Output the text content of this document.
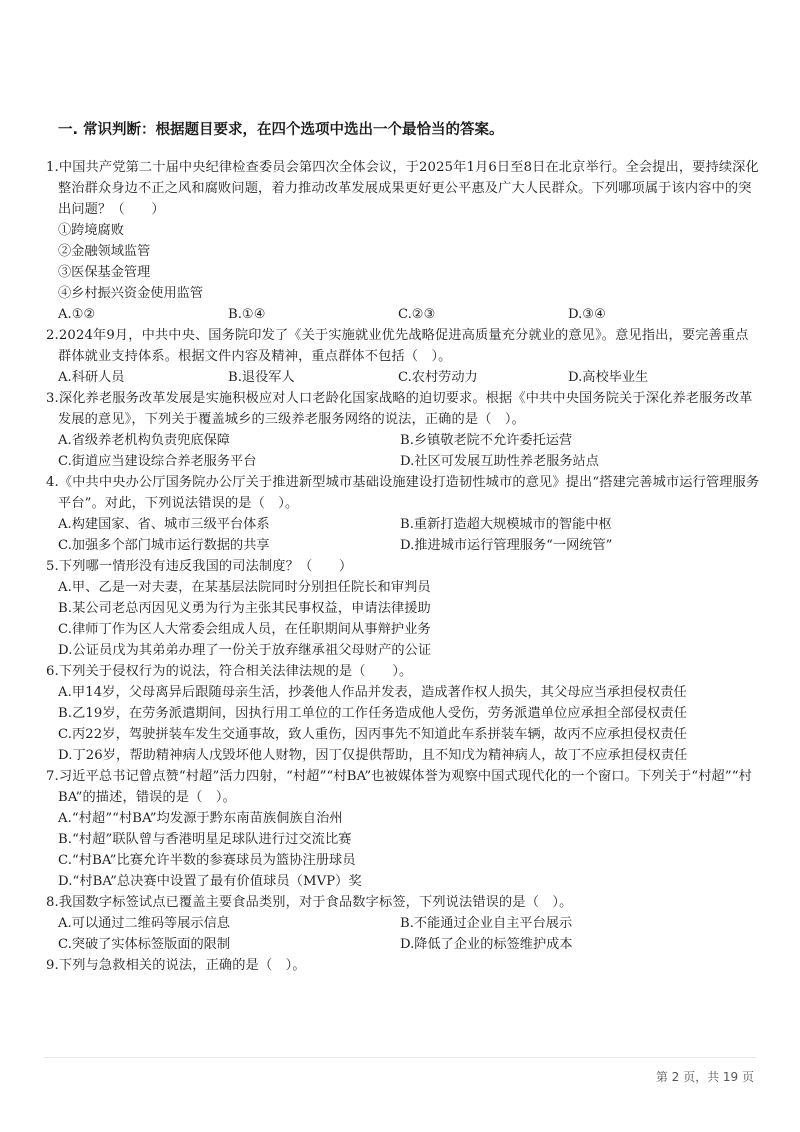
一. 常识判断：根据题目要求，在四个选项中选出一个最恰当的答案。
1.中国共产党第二十届中央纪律检查委员会第四次全体会议，于2025年1月6日至8日在北京举行。全会提出，要持续深化整治群众身边不正之风和腐败问题，着力推动改革发展成果更好更公平惠及广大人民群众。下列哪项属于该内容中的突出问题？（　　）
①跨境腐败
②金融领域监管
③医保基金管理
④乡村振兴资金使用监管
A.①②	B.①④	C.②③	D.③④
2.2024年9月，中共中央、国务院印发了《关于实施就业优先战略促进高质量充分就业的意见》。意见指出，要完善重点群体就业支持体系。根据文件内容及精神，重点群体不包括（　）。
A.科研人员	B.退役军人	C.农村劳动力	D.高校毕业生
3.深化养老服务改革发展是实施积极应对人口老龄化国家战略的迫切要求。根据《中共中央国务院关于深化养老服务改革发展的意见》，下列关于覆盖城乡的三级养老服务网络的说法，正确的是（　）。
A.省级养老机构负责兜底保障	B.乡镇敬老院不允许委托运营
C.街道应当建设综合养老服务平台	D.社区可发展互助性养老服务站点
4.《中共中央办公厅国务院办公厅关于推进新型城市基础设施建设打造韧性城市的意见》提出“搭建完善城市运行管理服务平台”。对此，下列说法错误的是（　）。
A.构建国家、省、城市三级平台体系	B.重新打造超大规模城市的智能中枢
C.加强多个部门城市运行数据的共享	D.推进城市运行管理服务“一网统管”
5.下列哪一情形没有违反我国的司法制度？（　　）
A.甲、乙是一对夫妻，在某基层法院同时分别担任院长和审判员
B.某公司老总丙因见义勇为行为主张其民事权益，申请法律援助
C.律师丁作为区人大常委会组成人员，在任职期间从事辩护业务
D.公证员戊为其弟弟办理了一份关于放弃继承祖父母财产的公证
6.下列关于侵权行为的说法，符合相关法律法规的是（　　）。
A.甲14岁，父母离异后跟随母亲生活，抄袭他人作品并发表，造成著作权人损失，其父母应当承担侵权责任
B.乙19岁，在劳务派遣期间，因执行用工单位的工作任务造成他人受伤，劳务派遣单位应承担全部侵权责任
C.丙22岁，驾驶拼装车发生交通事故，致人重伤，因丙事先不知道此车系拼装车辆，故丙不应承担侵权责任
D.丁26岁，帮助精神病人戊毁坏他人财物，因丁仅提供帮助，且不知戊为精神病人，故丁不应承担侵权责任
7.习近平总书记曾点赞“村超”活力四射，“村超”“村BA”也被媒体誉为观察中国式现代化的一个窗口。下列关于“村超”“村BA”的描述，错误的是（　）。
A.“村超”“村BA”均发源于黔东南苗族侗族自治州
B.“村超”联队曾与香港明星足球队进行过交流比赛
C.“村BA”比赛允许半数的参赛球员为篮协注册球员
D.“村BA”总决赛中设置了最有价值球员（MVP）奖
8.我国数字标签试点已覆盖主要食品类别，对于食品数字标签，下列说法错误的是（　）。
A.可以通过二维码等展示信息	B.不能通过企业自主平台展示
C.突破了实体标签版面的限制	D.降低了企业的标签维护成本
9.下列与急救相关的说法，正确的是（　）。
第 2 页，共 19 页
